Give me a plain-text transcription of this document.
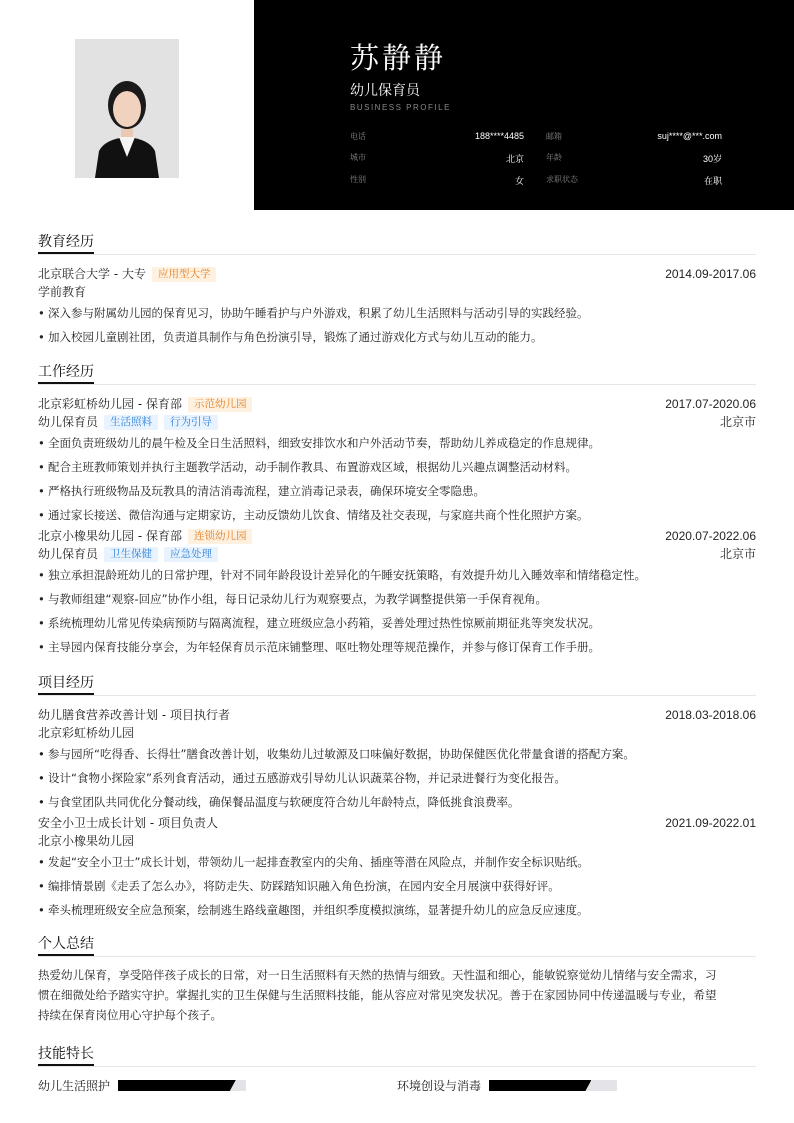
苏静静
幼儿保育员
BUSINESS PROFILE
电话	188****4485	邮箱	suj****@***.com
城市	北京	年龄	30岁
性别	女	求职状态	在职
教育经历
北京联合大学 - 大专	应用型大学	2014.09-2017.06
学前教育
• 深入参与附属幼儿园的保育见习，协助午睡看护与户外游戏，积累了幼儿生活照料与活动引导的实践经验。
• 加入校园儿童剧社团，负责道具制作与角色扮演引导，锻炼了通过游戏化方式与幼儿互动的能力。
工作经历
北京彩虹桥幼儿园 - 保育部	示范幼儿园	2017.07-2020.06
幼儿保育员	生活照料	行为引导	北京市
• 全面负责班级幼儿的晨午检及全日生活照料，细致安排饮水和户外活动节奏，帮助幼儿养成稳定的作息规律。
• 配合主班教师策划并执行主题教学活动，动手制作教具、布置游戏区域，根据幼儿兴趣点调整活动材料。
• 严格执行班级物品及玩教具的清洁消毒流程，建立消毒记录表，确保环境安全零隐患。
• 通过家长接送、微信沟通与定期家访，主动反馈幼儿饮食、情绪及社交表现，与家庭共商个性化照护方案。
北京小橡果幼儿园 - 保育部	连锁幼儿园	2020.07-2022.06
幼儿保育员	卫生保健	应急处理	北京市
• 独立承担混龄班幼儿的日常护理，针对不同年龄段设计差异化的午睡安抚策略，有效提升幼儿入睡效率和情绪稳定性。
• 与教师组建“观察-回应”协作小组，每日记录幼儿行为观察要点，为教学调整提供第一手保育视角。
• 系统梳理幼儿常见传染病预防与隔离流程，建立班级应急小药箱，妥善处理过热性惊厥前期征兆等突发状况。
• 主导园内保育技能分享会，为年轻保育员示范床铺整理、呕吐物处理等规范操作，并参与修订保育工作手册。
项目经历
幼儿膳食营养改善计划 - 项目执行者	2018.03-2018.06
北京彩虹桥幼儿园
• 参与园所“吃得香、长得壮”膳食改善计划，收集幼儿过敏源及口味偏好数据，协助保健医优化带量食谱的搭配方案。
• 设计“食物小探险家”系列食育活动，通过五感游戏引导幼儿认识蔬菜谷物，并记录进餐行为变化报告。
• 与食堂团队共同优化分餐动线，确保餐品温度与软硬度符合幼儿年龄特点，降低挑食浪费率。
安全小卫士成长计划 - 项目负责人	2021.09-2022.01
北京小橡果幼儿园
• 发起“安全小卫士”成长计划，带领幼儿一起排查教室内的尖角、插座等潜在风险点，并制作安全标识贴纸。
• 编排情景剧《走丢了怎么办》，将防走失、防踩踏知识融入角色扮演，在园内安全月展演中获得好评。
• 牵头梳理班级安全应急预案，绘制逃生路线童趣图，并组织季度模拟演练，显著提升幼儿的应急反应速度。
个人总结
热爱幼儿保育，享受陪伴孩子成长的日常，对一日生活照料有天然的热情与细致。天性温和细心，能敏锐察觉幼儿情绪与安全需求，习
惯在细微处给予踏实守护。掌握扎实的卫生保健与生活照料技能，能从容应对常见突发状况。善于在家园协同中传递温暖与专业，希望
持续在保育岗位用心守护每个孩子。
技能特长
幼儿生活照护	环境创设与消毒
